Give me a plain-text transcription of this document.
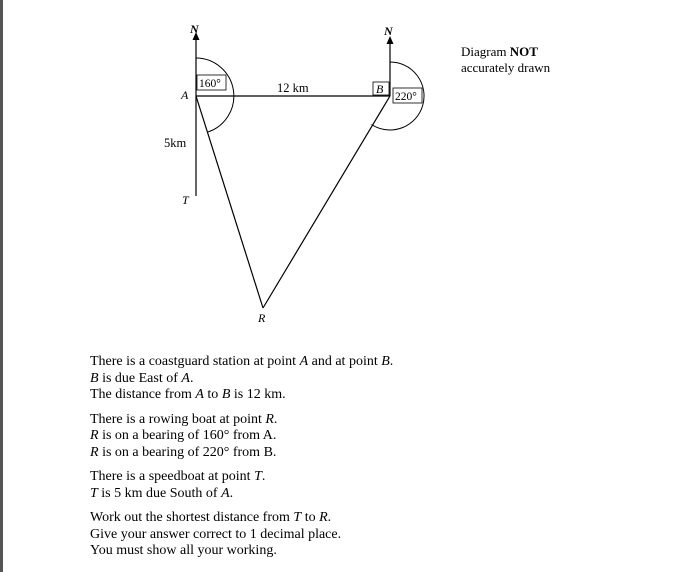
160°
220°
B
N	N
A	12 km
5km
T
R
Diagram NOT
accurately drawn

There is a coastguard station at point A and at point B.
B is due East of A.
The distance from A to B is 12 km.

There is a rowing boat at point R.
R is on a bearing of 160° from A.
R is on a bearing of 220° from B.

There is a speedboat at point T.
T is 5 km due South of A.

Work out the shortest distance from T to R.
Give your answer correct to 1 decimal place.
You must show all your working.
